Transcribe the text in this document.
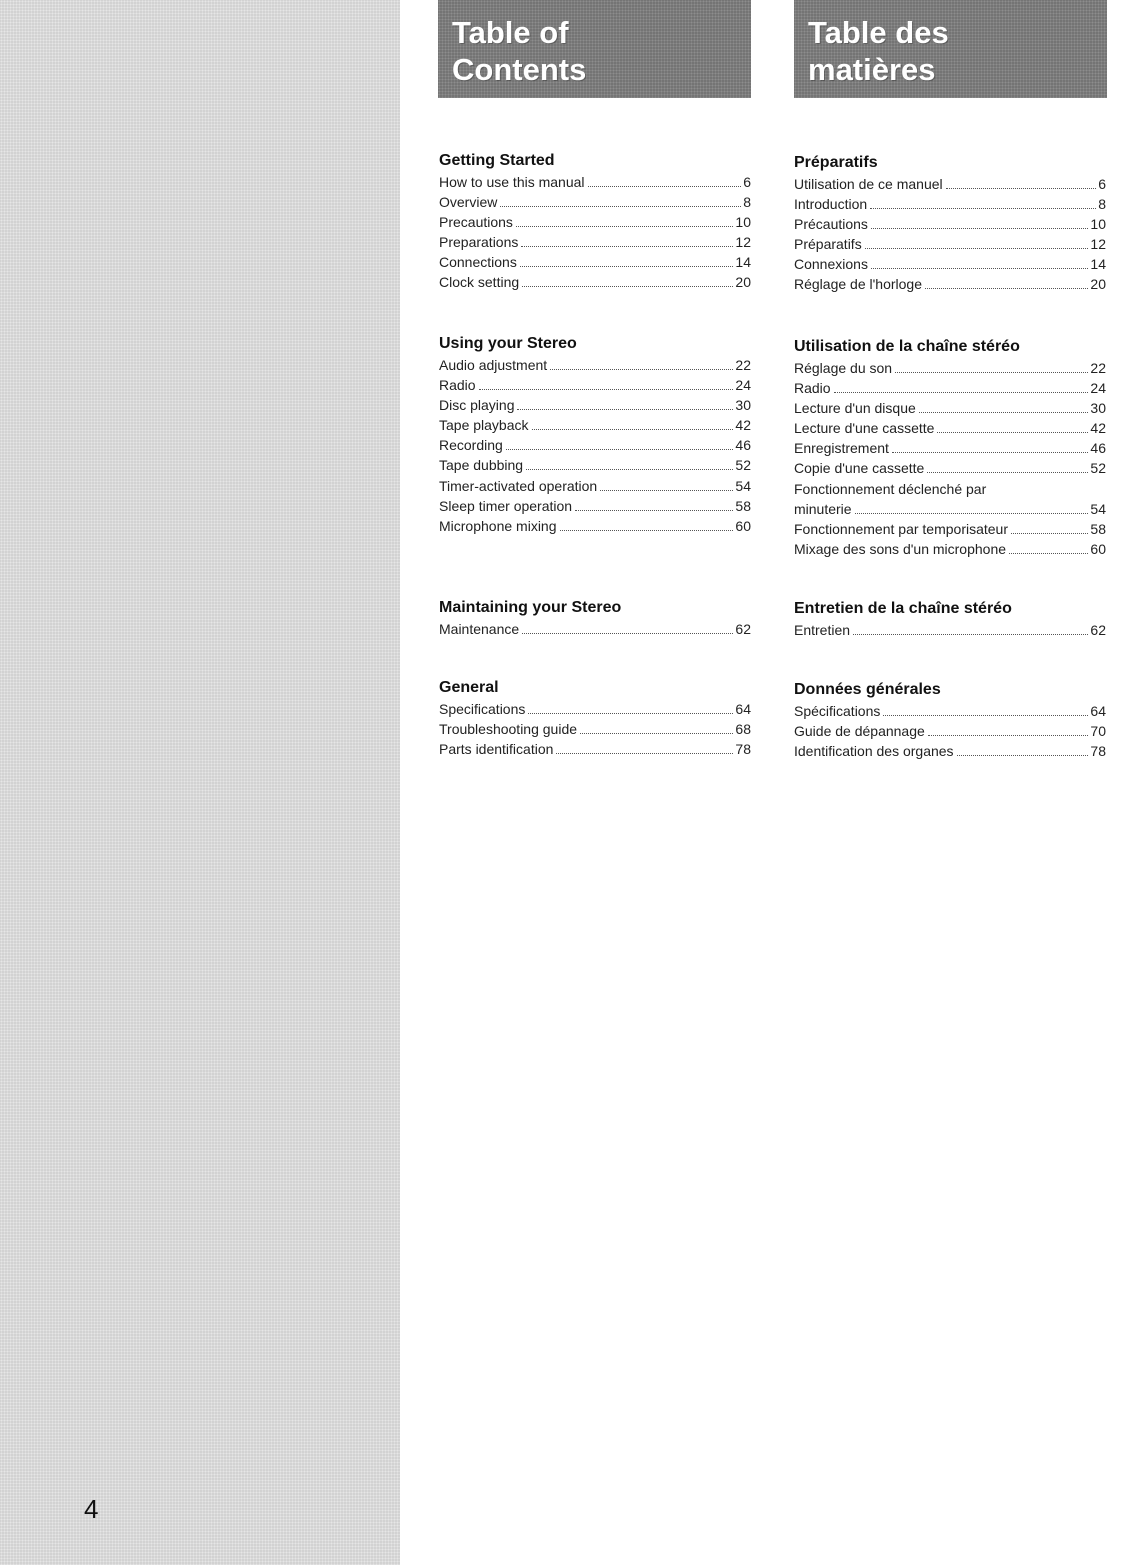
4
Table of
Contents
Table des
matières
Getting Started
How to use this manual	6
Overview	8
Precautions	10
Preparations	12
Connections	14
Clock setting	20
Using your Stereo
Audio adjustment	22
Radio	24
Disc playing	30
Tape playback	42
Recording	46
Tape dubbing	52
Timer-activated operation	54
Sleep timer operation	58
Microphone mixing	60
Maintaining your Stereo
Maintenance	62
General
Specifications	64
Troubleshooting guide	68
Parts identification	78
Préparatifs
Utilisation de ce manuel	6
Introduction	8
Précautions	10
Préparatifs	12
Connexions	14
Réglage de l'horloge	20
Utilisation de la chaîne stéréo
Réglage du son	22
Radio	24
Lecture d'un disque	30
Lecture d'une cassette	42
Enregistrement	46
Copie d'une cassette	52
Fonctionnement déclenché par
minuterie	54
Fonctionnement par temporisateur	58
Mixage des sons d'un microphone	60
Entretien de la chaîne stéréo
Entretien	62
Données générales
Spécifications	64
Guide de dépannage	70
Identification des organes	78
